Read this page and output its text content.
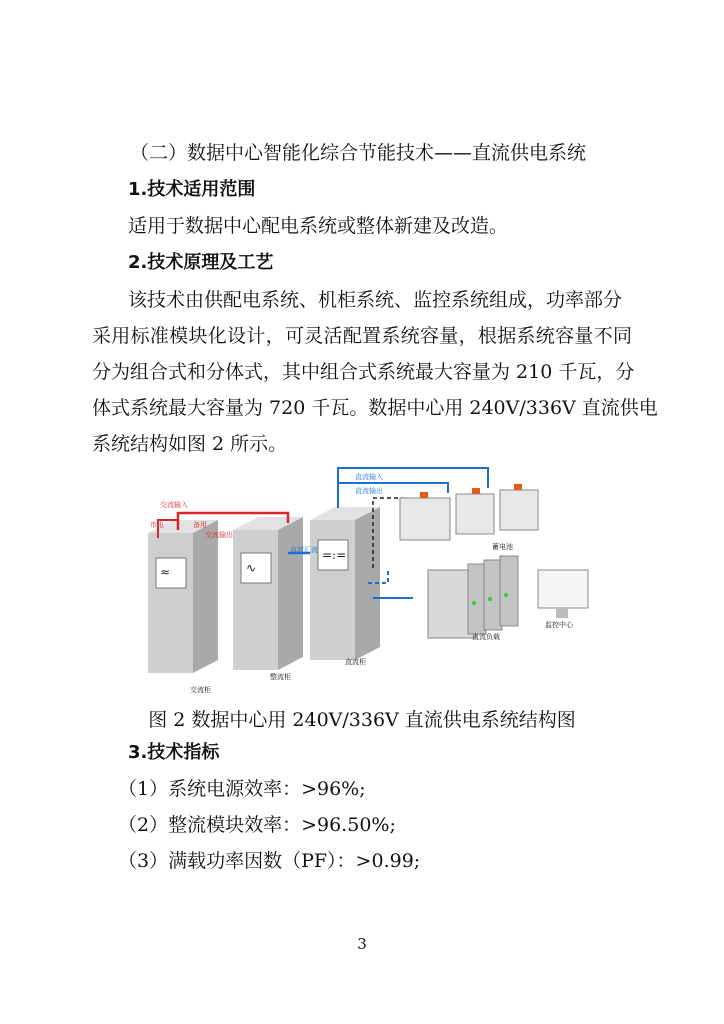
（二）数据中心智能化综合节能技术——直流供电系统
1.技术适用范围
适用于数据中心配电系统或整体新建及改造。
2.技术原理及工艺
该技术由供配电系统、机柜系统、监控系统组成，功率部分
采用标准模块化设计，可灵活配置系统容量，根据系统容量不同
分为组合式和分体式，其中组合式系统最大容量为 210 千瓦，分
体式系统最大容量为 720 千瓦。数据中心用 240V/336V 直流供电
系统结构如图 2 所示。
≈	∿
=:=
交流输入
市电	备用
交流输出
直流输入
直流输出
直流汇流	蓄电池
交流柜
整流柜
直流柜
直流负载
监控中心
图 2 数据中心用 240V/336V 直流供电系统结构图
3.技术指标
（1）系统电源效率：>96%;
（2）整流模块效率：>96.50%;
（3）满载功率因数（PF）：>0.99;
3
